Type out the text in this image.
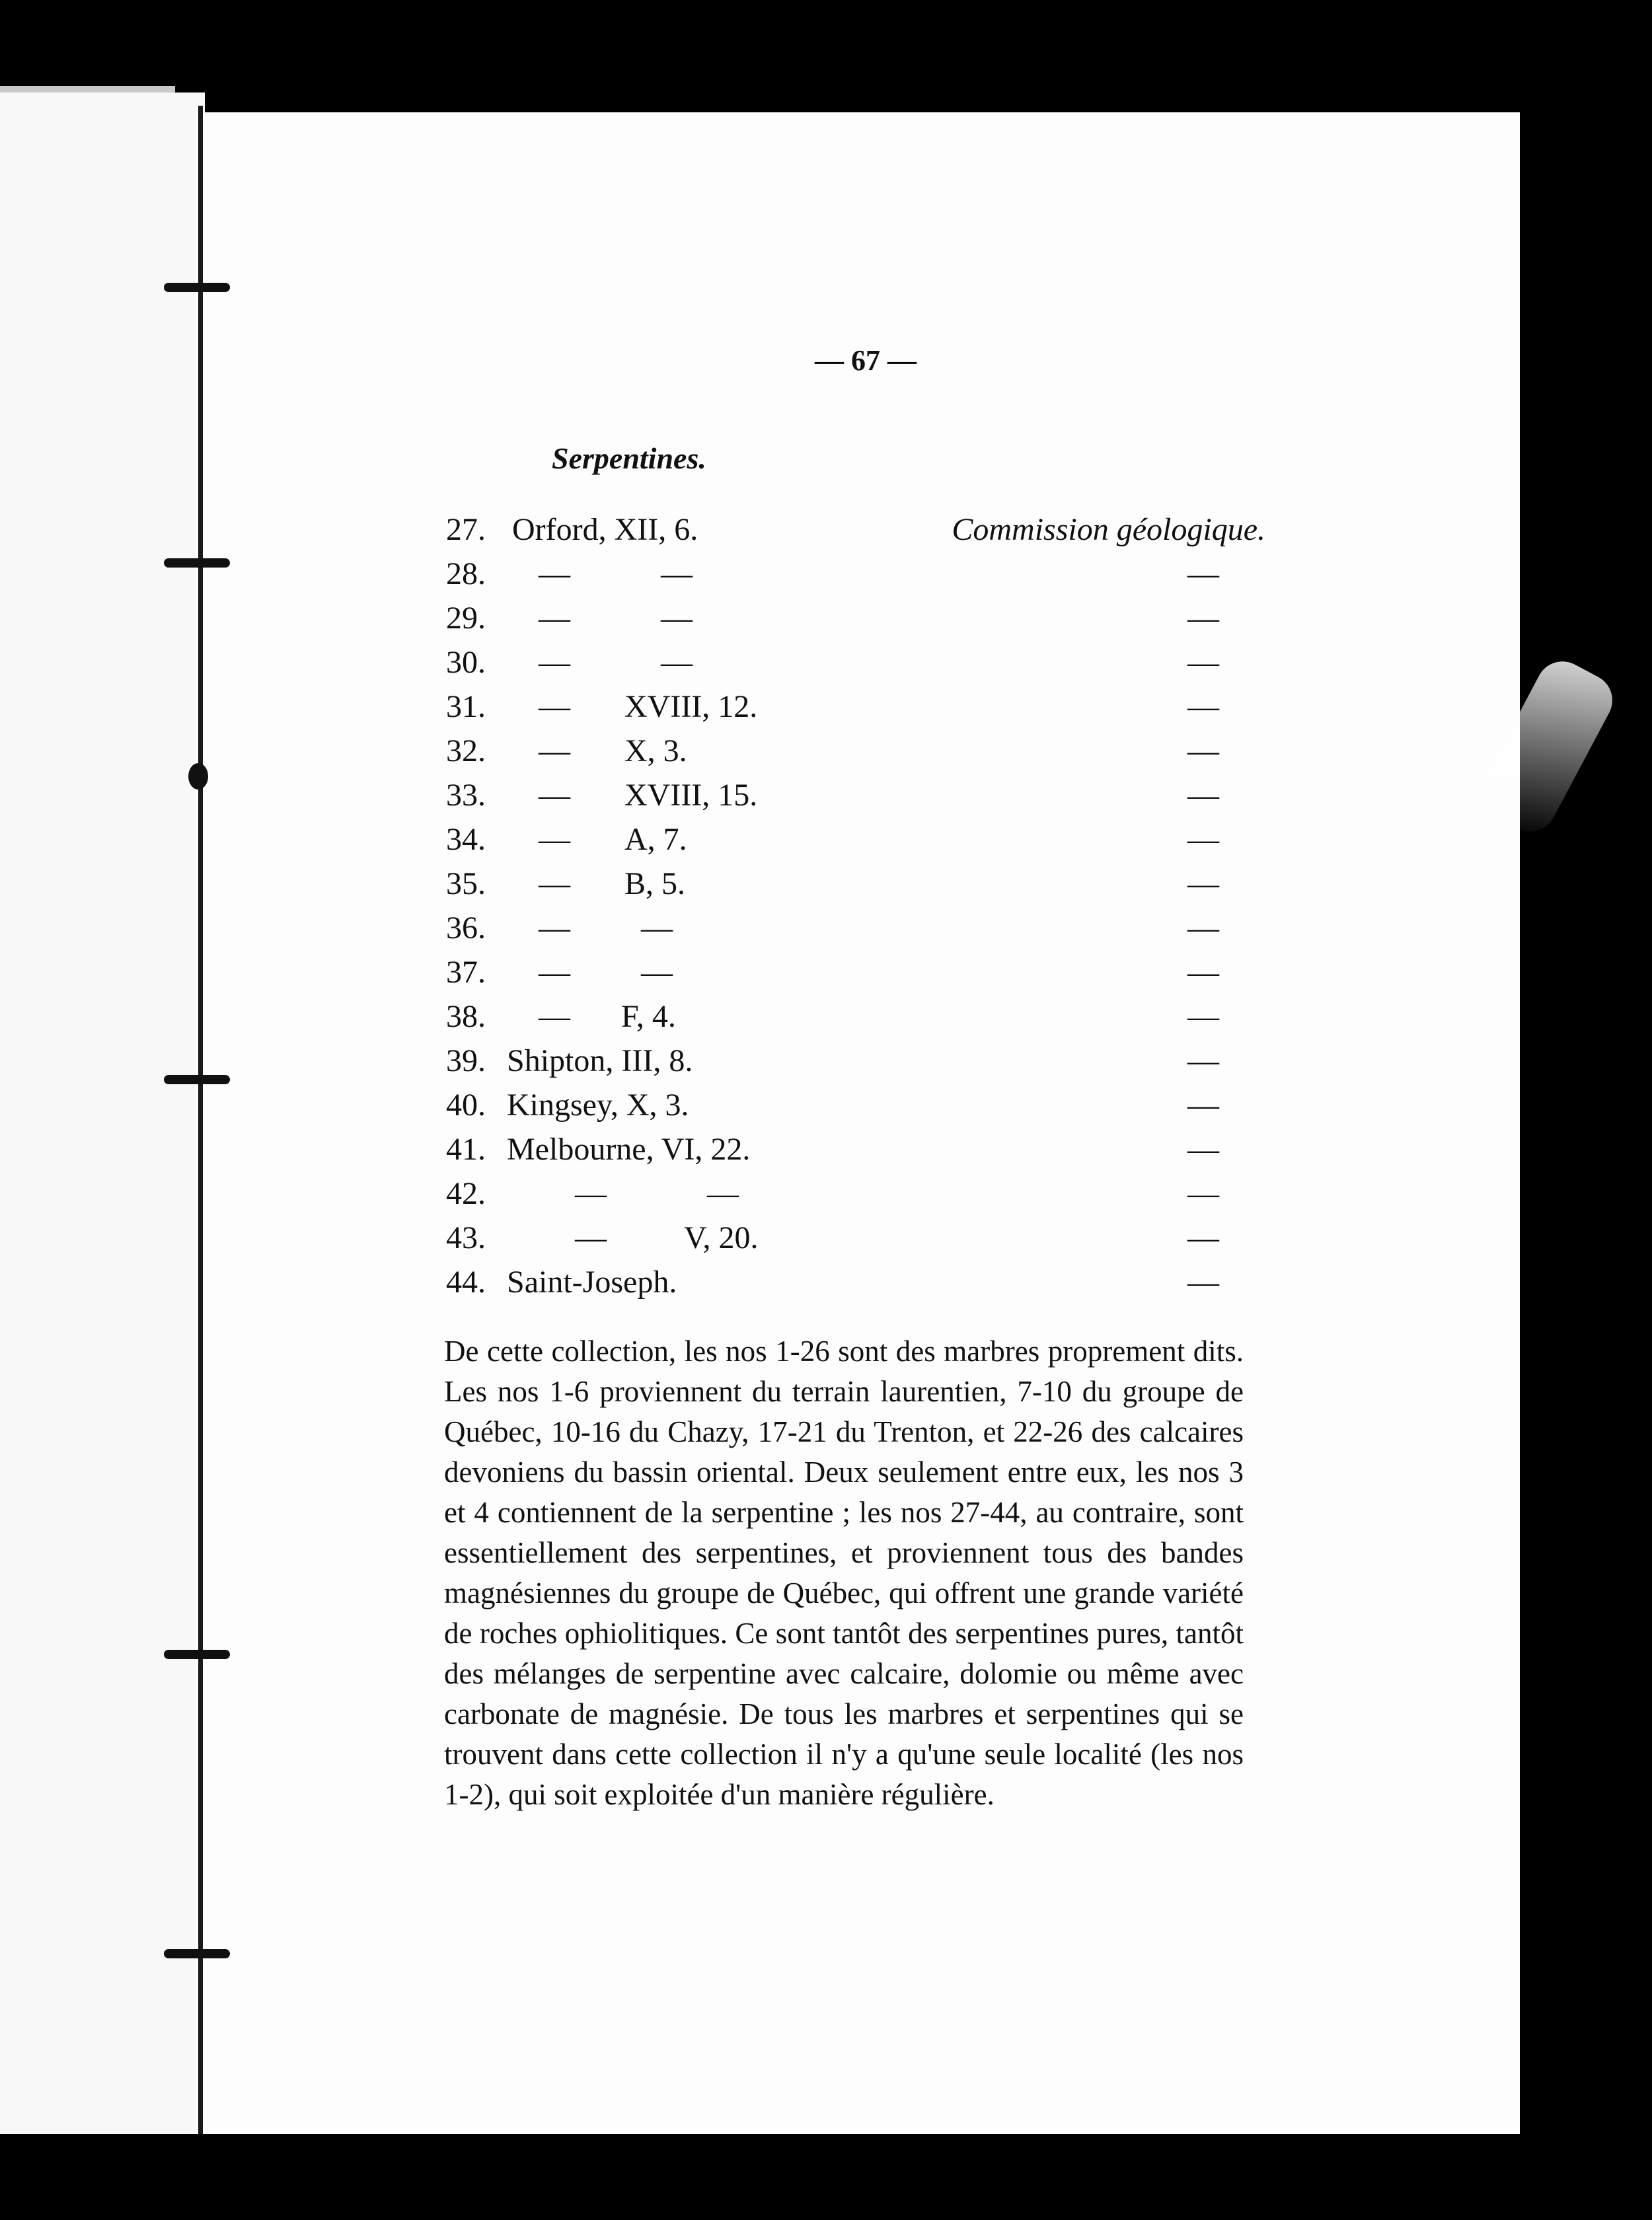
— 67 —
Serpentines.
27. Orford, XII, 6.	Commission géologique.
28. —	—	—
29. —	—	—
30. —	—	—
31. — XVIII, 12.	—
32. — X, 3.	—
33. — XVIII, 15.	—
34. — A, 7.	—
35. — B, 5.	—
36. — —	—
37. — —	—
38. — F, 4.	—
39. Shipton, III, 8.	—
40. Kingsey, X, 3.	—
41. Melbourne, VI, 22.	—
42.	—	—	—
43.	— V, 20.	—
44. Saint-Joseph.	—
De cette collection, les nos 1-26 sont des marbres proprement dits. Les nos 1-6 proviennent du terrain laurentien, 7-10 du groupe de Québec, 10-16 du Chazy, 17-21 du Trenton, et 22-26 des calcaires devoniens du bassin oriental. Deux seulement entre eux, les nos 3 et 4 contiennent de la serpentine ; les nos 27-44, au contraire, sont essentiellement des serpentines, et proviennent tous des bandes magnésiennes du groupe de Québec, qui offrent une grande variété de roches ophiolitiques. Ce sont tantôt des serpentines pures, tantôt des mélanges de serpentine avec calcaire, dolomie ou même avec carbonate de magnésie. De tous les marbres et serpentines qui se trouvent dans cette collection il n'y a qu'une seule localité (les nos 1-2), qui soit exploitée d'un manière régulière.
